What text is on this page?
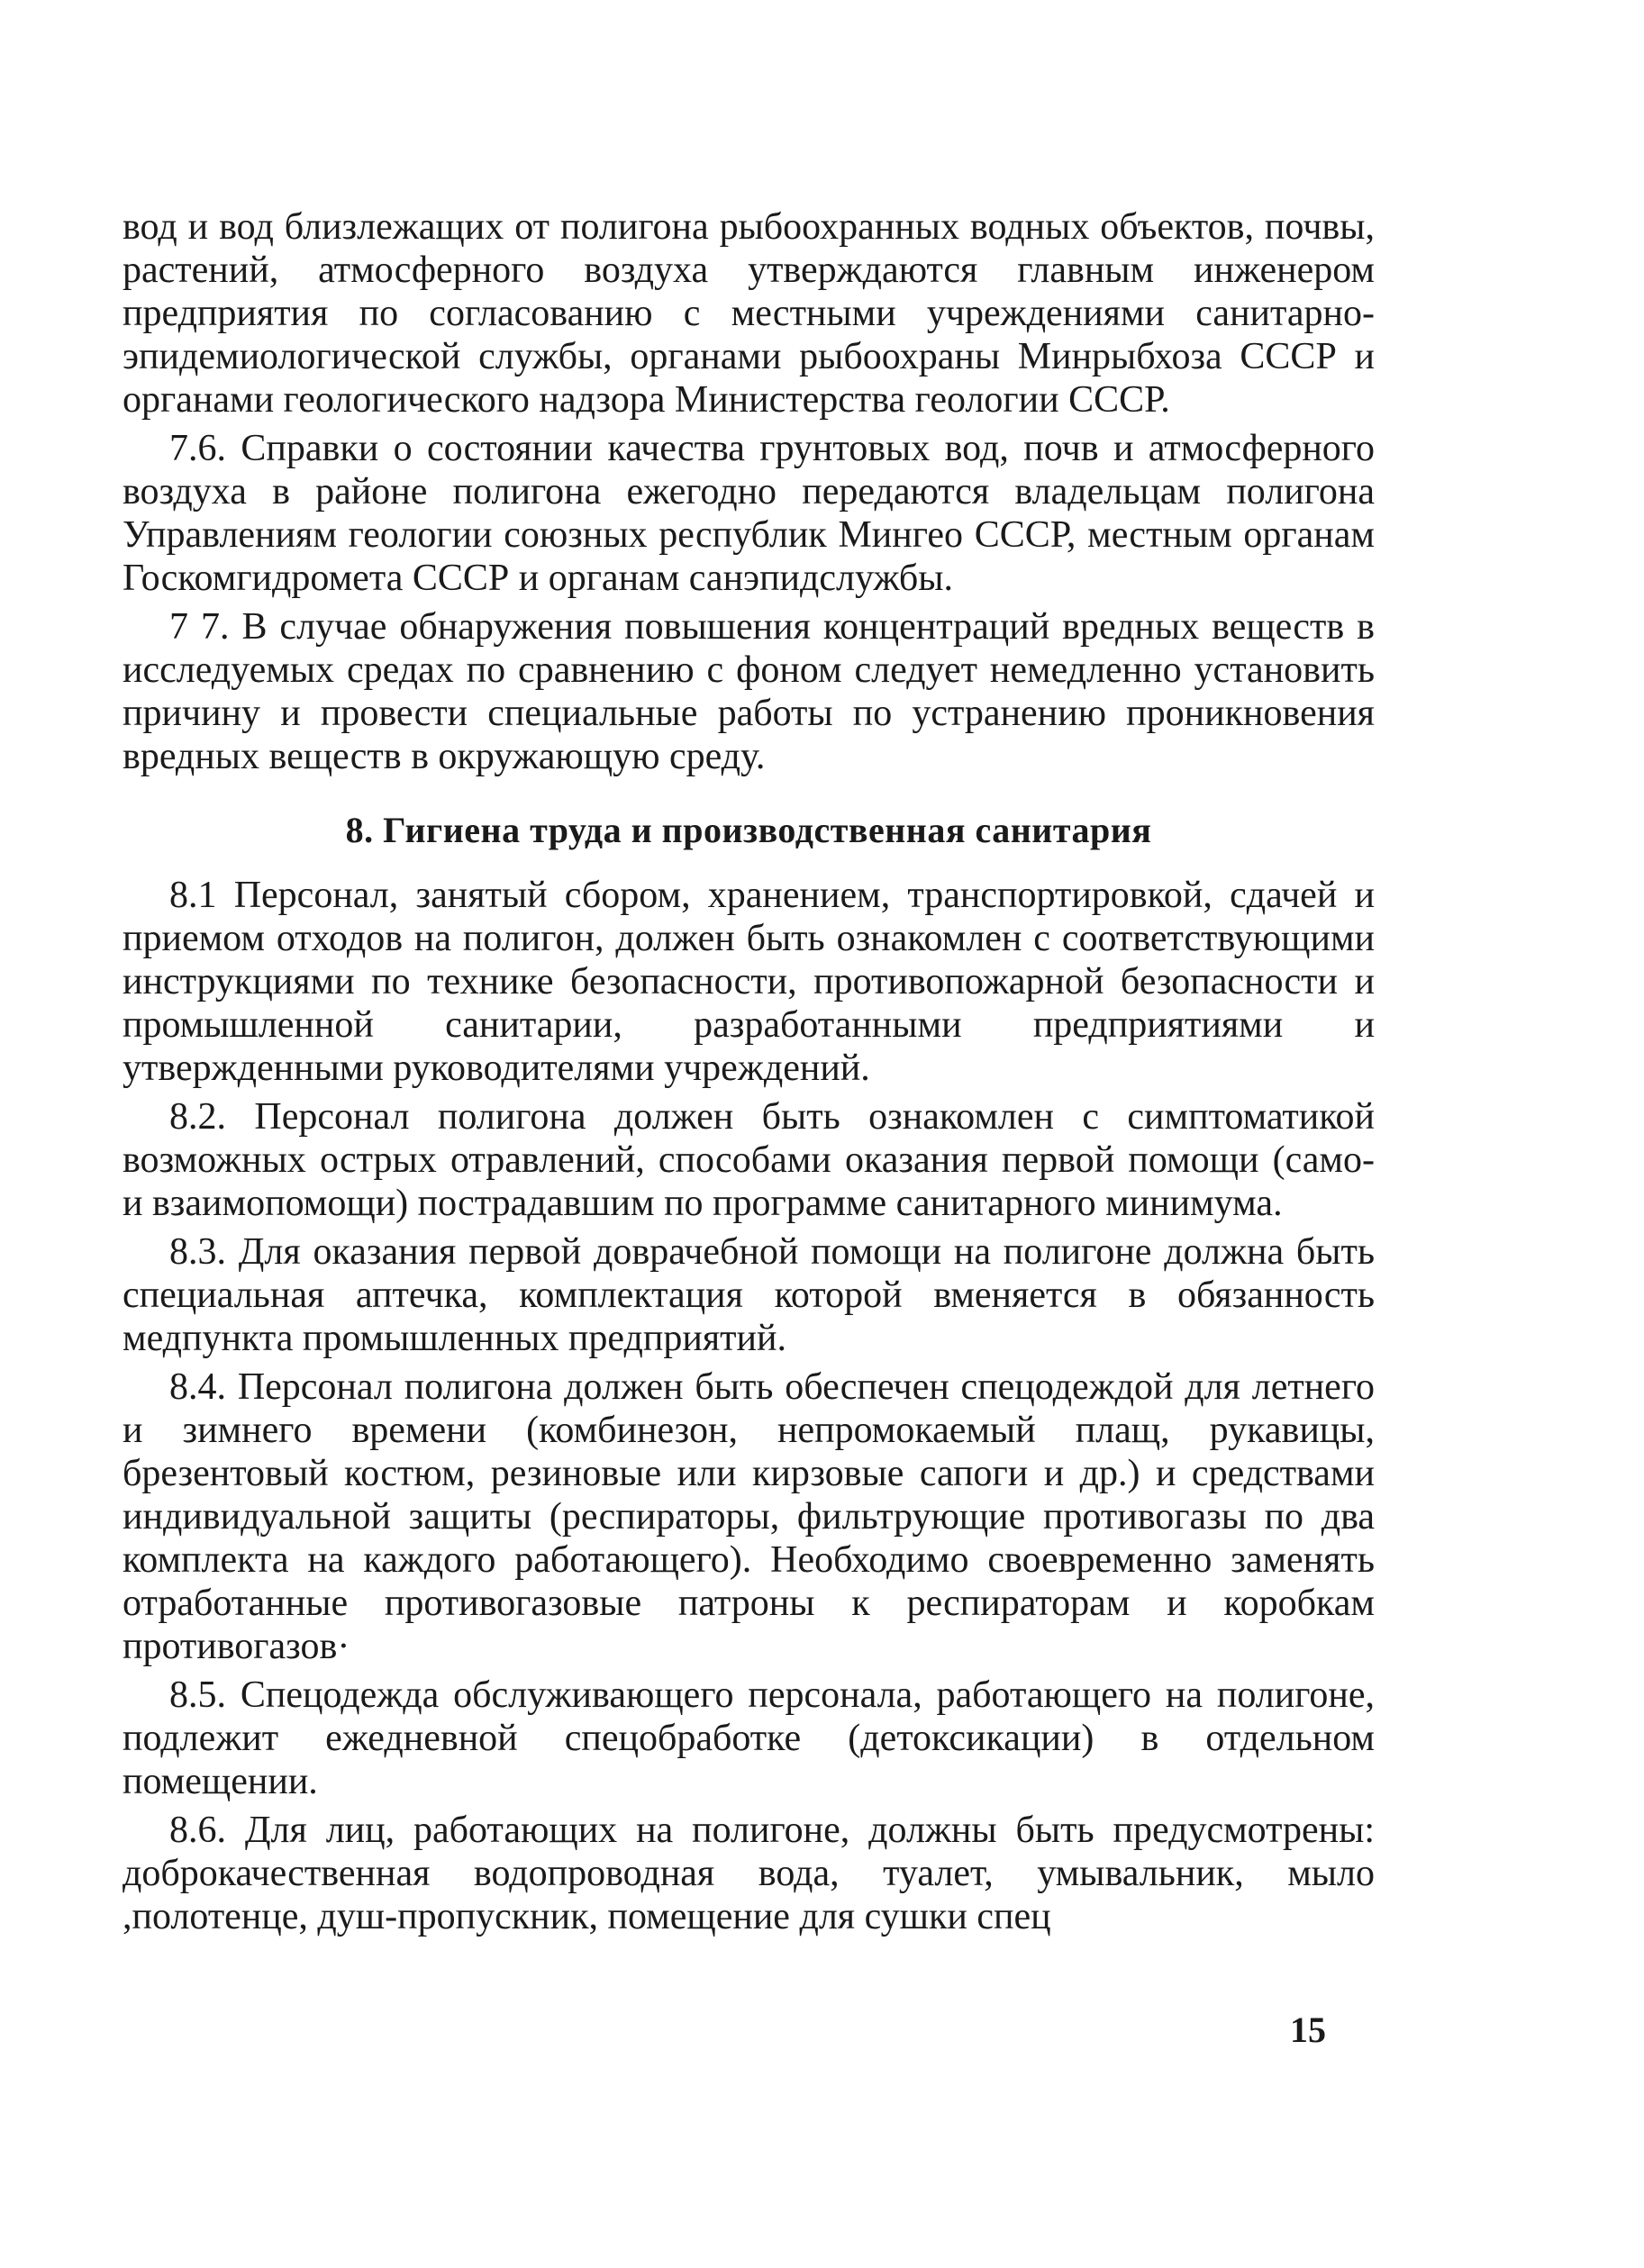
вод и вод близлежащих от полигона рыбоохранных водных объектов, почвы, растений, атмосферного воздуха утверждаются главным инженером предприятия по согласованию с местными учреждениями санитарно-эпидемиологической службы, органами рыбоохраны Минрыбхоза СССР и органами геологического надзора Министерства геологии СССР.

7.6. Справки о состоянии качества грунтовых вод, почв и атмосферного воздуха в районе полигона ежегодно передаются владельцам полигона Управлениям геологии союзных республик Мингео СССР, местным органам Госкомгидромета СССР и органам санэпидслужбы.

7 7. В случае обнаружения повышения концентраций вредных веществ в исследуемых средах по сравнению с фоном следует немедленно установить причину и провести специальные работы по устранению проникновения вредных веществ в окружающую среду.

8. Гигиена труда и производственная санитария

8.1 Персонал, занятый сбором, хранением, транспортировкой, сдачей и приемом отходов на полигон, должен быть ознакомлен с соответствующими инструкциями по технике безопасности, противопожарной безопасности и промышленной санитарии, разработанными предприятиями и утвержденными руководителями учреждений.

8.2. Персонал полигона должен быть ознакомлен с симптоматикой возможных острых отравлений, способами оказания первой помощи (само- и взаимопомощи) пострадавшим по программе санитарного минимума.

8.3. Для оказания первой доврачебной помощи на полигоне должна быть специальная аптечка, комплектация которой вменяется в обязанность медпункта промышленных предприятий.

8.4. Персонал полигона должен быть обеспечен спецодеждой для летнего и зимнего времени (комбинезон, непромокаемый плащ, рукавицы, брезентовый костюм, резиновые или кирзовые сапоги и др.) и средствами индивидуальной защиты (респираторы, фильтрующие противогазы по два комплекта на каждого работающего). Необходимо своевременно заменять отработанные противогазовые патроны к респираторам и коробкам противогазов·

8.5. Спецодежда обслуживающего персонала, работающего на полигоне, подлежит ежедневной спецобработке (детоксикации) в отдельном помещении.

8.6. Для лиц, работающих на полигоне, должны быть предусмотрены: доброкачественная водопроводная вода, туалет, умывальник, мыло ,полотенце, душ-пропускник, помещение для сушки спец

15
